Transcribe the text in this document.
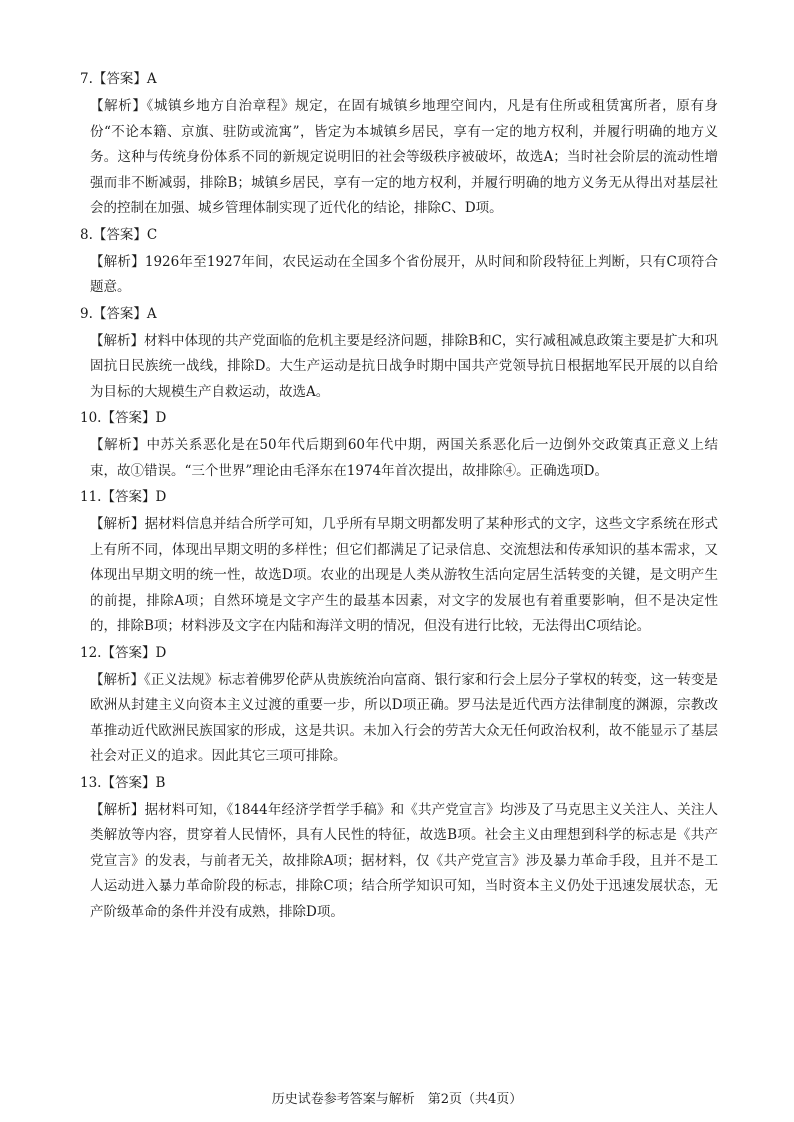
7.【答案】A

【解析】《城镇乡地方自治章程》规定，在固有城镇乡地理空间内，凡是有住所或租赁寓所者，原有身份“不论本籍、京旗、驻防或流寓”，皆定为本城镇乡居民，享有一定的地方权利，并履行明确的地方义务。这种与传统身份体系不同的新规定说明旧的社会等级秩序被破坏，故选A；当时社会阶层的流动性增强而非不断减弱，排除B；城镇乡居民，享有一定的地方权利，并履行明确的地方义务无从得出对基层社会的控制在加强、城乡管理体制实现了近代化的结论，排除C、D项。

8.【答案】C

【解析】1926年至1927年间，农民运动在全国多个省份展开，从时间和阶段特征上判断，只有C项符合题意。

9.【答案】A

【解析】材料中体现的共产党面临的危机主要是经济问题，排除B和C，实行减租减息政策主要是扩大和巩固抗日民族统一战线，排除D。大生产运动是抗日战争时期中国共产党领导抗日根据地军民开展的以自给为目标的大规模生产自救运动，故选A。

10.【答案】D

【解析】中苏关系恶化是在50年代后期到60年代中期，两国关系恶化后一边倒外交政策真正意义上结束，故①错误。“三个世界”理论由毛泽东在1974年首次提出，故排除④。正确选项D。

11.【答案】D

【解析】据材料信息并结合所学可知，几乎所有早期文明都发明了某种形式的文字，这些文字系统在形式上有所不同，体现出早期文明的多样性；但它们都满足了记录信息、交流想法和传承知识的基本需求，又体现出早期文明的统一性，故选D项。农业的出现是人类从游牧生活向定居生活转变的关键，是文明产生的前提，排除A项；自然环境是文字产生的最基本因素，对文字的发展也有着重要影响，但不是决定性的，排除B项；材料涉及文字在内陆和海洋文明的情况，但没有进行比较，无法得出C项结论。

12.【答案】D

【解析】《正义法规》标志着佛罗伦萨从贵族统治向富商、银行家和行会上层分子掌权的转变，这一转变是欧洲从封建主义向资本主义过渡的重要一步，所以D项正确。罗马法是近代西方法律制度的渊源，宗教改革推动近代欧洲民族国家的形成，这是共识。未加入行会的劳苦大众无任何政治权利，故不能显示了基层社会对正义的追求。因此其它三项可排除。

13.【答案】B

【解析】据材料可知，《1844年经济学哲学手稿》和《共产党宣言》均涉及了马克思主义关注人、关注人类解放等内容，贯穿着人民情怀，具有人民性的特征，故选B项。社会主义由理想到科学的标志是《共产党宣言》的发表，与前者无关，故排除A项；据材料，仅《共产党宣言》涉及暴力革命手段，且并不是工人运动进入暴力革命阶段的标志，排除C项；结合所学知识可知，当时资本主义仍处于迅速发展状态，无产阶级革命的条件并没有成熟，排除D项。

历史试卷参考答案与解析　第2页（共4页）
